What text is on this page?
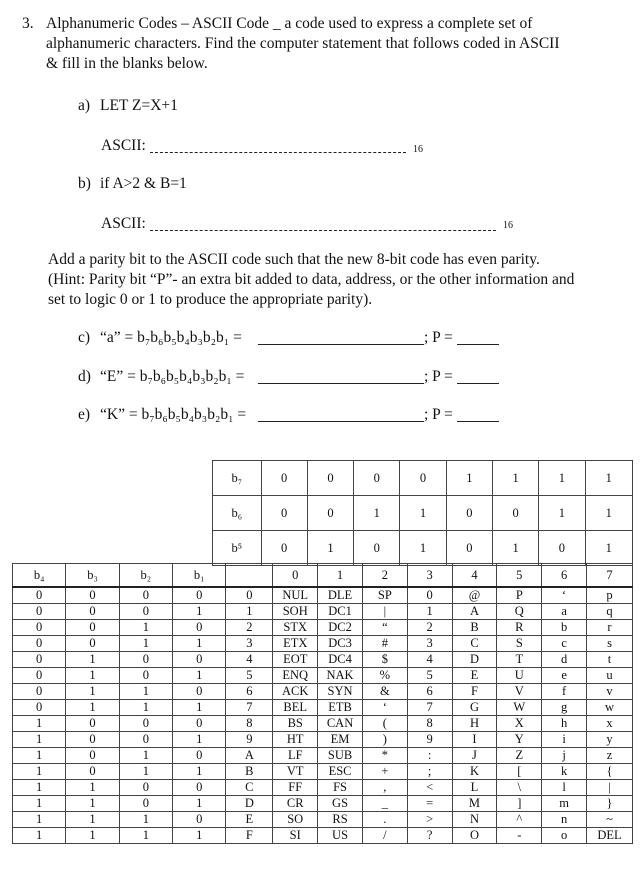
3. Alphanumeric Codes – ASCII Code _ a code used to express a complete set of
alphanumeric characters. Find the computer statement that follows coded in ASCII
& fill in the blanks below.
a) LET Z=X+1
ASCII:	16
b) if A>2 & B=1
ASCII:	16
Add a parity bit to the ASCII code such that the new 8-bit code has even parity.
(Hint: Parity bit “P”- an extra bit added to data, address, or the other information and
set to logic 0 or 1 to produce the appropriate parity).
c) “a” = b₇b₆b₅b₄b₃b₂b₁ =	; P =
d) “E” = b₇b₆b₅b₄b₃b₂b₁ =	; P =
e) “K” = b₇b₆b₅b₄b₃b₂b₁ =	; P =
b₇	0	0	0	0	1	1	1	1
b₆	0	0	1	1	0	0	1	1
b⁵	0	1	0	1	0	1	0	1
b₄	b₃	b₂	b₁		0	1	2	3	4	5	6	7
0	0	0	0	0	NUL	DLE	SP	0	@	P	‘	p
0	0	0	1	1	SOH	DC1	|	1	A	Q	a	q
0	0	1	0	2	STX	DC2	“	2	B	R	b	r
0	0	1	1	3	ETX	DC3	#	3	C	S	c	s
0	1	0	0	4	EOT	DC4	$	4	D	T	d	t
0	1	0	1	5	ENQ	NAK	%	5	E	U	e	u
0	1	1	0	6	ACK	SYN	&	6	F	V	f	v
0	1	1	1	7	BEL	ETB	‘	7	G	W	g	w
1	0	0	0	8	BS	CAN	(	8	H	X	h	x
1	0	0	1	9	HT	EM	)	9	I	Y	i	y
1	0	1	0	A	LF	SUB	*	:	J	Z	j	z
1	0	1	1	B	VT	ESC	+	;	K	[	k	{
1	1	0	0	C	FF	FS	,	<	L	\	l	|
1	1	0	1	D	CR	GS	_	=	M	]	m	}
1	1	1	0	E	SO	RS	.	>	N	^	n	~
1	1	1	1	F	SI	US	/	?	O	-	o	DEL
